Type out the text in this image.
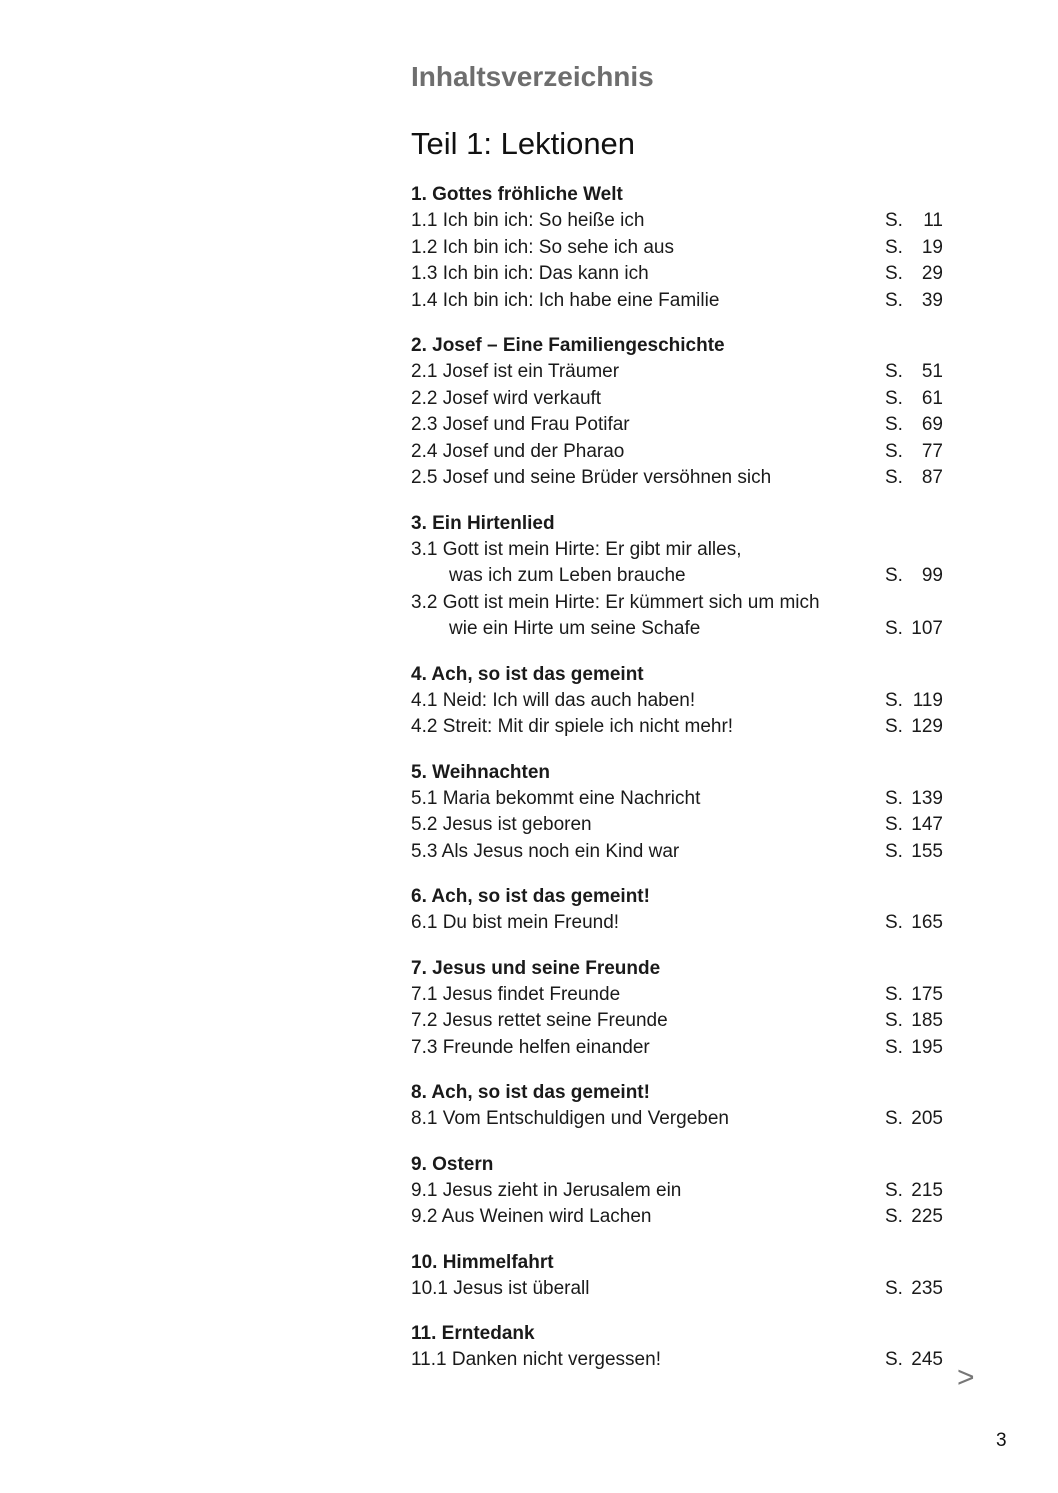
Inhaltsverzeichnis
Teil 1: Lektionen
1. Gottes fröhliche Welt
1.1 Ich bin ich: So heiße ich	S. 11
1.2 Ich bin ich: So sehe ich aus	S. 19
1.3 Ich bin ich: Das kann ich	S. 29
1.4 Ich bin ich: Ich habe eine Familie	S. 39
2. Josef – Eine Familiengeschichte
2.1 Josef ist ein Träumer	S. 51
2.2 Josef wird verkauft	S. 61
2.3 Josef und Frau Potifar	S. 69
2.4 Josef und der Pharao	S. 77
2.5 Josef und seine Brüder versöhnen sich	S. 87
3. Ein Hirtenlied
3.1 Gott ist mein Hirte: Er gibt mir alles,
was ich zum Leben brauche	S. 99
3.2 Gott ist mein Hirte: Er kümmert sich um mich
wie ein Hirte um seine Schafe	S. 107
4. Ach, so ist das gemeint
4.1 Neid: Ich will das auch haben!	S. 119
4.2 Streit: Mit dir spiele ich nicht mehr!	S. 129
5. Weihnachten
5.1 Maria bekommt eine Nachricht	S. 139
5.2 Jesus ist geboren	S. 147
5.3 Als Jesus noch ein Kind war	S. 155
6. Ach, so ist das gemeint!
6.1 Du bist mein Freund!	S. 165
7. Jesus und seine Freunde
7.1 Jesus findet Freunde	S. 175
7.2 Jesus rettet seine Freunde	S. 185
7.3 Freunde helfen einander	S. 195
8. Ach, so ist das gemeint!
8.1 Vom Entschuldigen und Vergeben	S. 205
9. Ostern
9.1 Jesus zieht in Jerusalem ein	S. 215
9.2 Aus Weinen wird Lachen	S. 225
10. Himmelfahrt
10.1 Jesus ist überall	S. 235
11. Erntedank
11.1 Danken nicht vergessen!	S. 245
>
3
